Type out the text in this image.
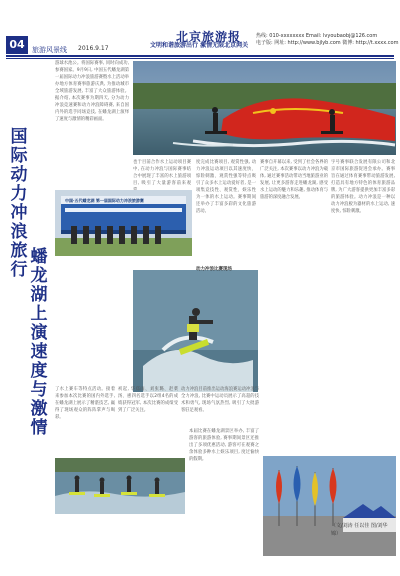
04	旅游风景线 2016.9.17
北京旅游报
文明和谐旅游出行 激情无限北京网关
热线: 010-xxxxxxxx Email: lvyoubaobj@126.com
电子版: 网址: http://www.bjlyb.com 微博: http://t.xxxx.com
国际动力冲浪旅行
蟠龙湖上演速度与激情
游球水池公。将国际赛事, 同时向成功, 参赛国家。9月9日, 中国五代蟠龙湖第一届国际动力冲浪旅游赛暨水上活动举办地方体育赛事旅游庆典, 为推动城市全域旅游发展, 丰富了大众旅游体验。据介绍, 本次赛事为期四天, 分为动力冲浪竞速赛和动力冲浪障碍赛, 来自国内外的选手同场竞技, 在蟠龙湖上演绎了速度与激情的精彩画面。
也于目前合作水上运动项目赛中, 在动力冲浪与国际赛事结合中展现了丰富的水上旅游项目, 吸引了大量游客前来观
度完成比赛项目, 观赏性强, 动力冲浪运动项目以其速度快、惊险刺激、观赏性强等特点吸引了众多水上运动爱好者, 是一项集竞技性、观赏性、娱乐性为一体的水上运动。赛事期间还举办了丰富多彩的文化旅游活动。
赛事自开幕以来, 受到了社会各界的广泛关注, 本次赛事以动力冲浪为载体, 通过赛事活动带动当地旅游业的发展, 让更多游客走进蟠龙湖, 感受水上运动的魅力和乐趣, 推动体育与旅游的深度融合发展。
字号赛事联合发展有限公司和北京市国际旅游促进会承办。赛事旨在通过体育赛事带动旅游发展, 打造具有地方特色的体育旅游品牌, 为广大游客提供更加丰富多彩的旅游体验。动力冲浪是一种以动力冲浪板为器材的水上运动, 速度快, 惊险刺激。
中国·五代蟠龙湖 第一届国际动力冲浪旅游赛
了水上赛车等特点活动。接着来参加本次比赛的国内外选手, 在蟠龙湖上展示了精湛技艺, 赢得了现场观众的阵阵掌声与喝彩。
初起, 华郑雨、刘张璐、赵菜汤、惠四名选手以2组4名的成绩获得冠军, 本次比赛的成绩受到了广泛关注。
动力冲浪目前推出运动海浪赛运动冲浪与全力冲浪, 比赛中运动员展示了高超的技术和勇气, 现场气氛热烈, 吸引了大批游客驻足观看。
本届比赛在蟠龙湖景区举办, 丰富了游客的旅游体验, 赛事期间景区还推出了多项优惠活动, 游客可在观赛之余体验多种水上娱乐项目, 度过愉快的假期。
动力冲浪比赛现场
（文/刘涛 任以佳 图/刘华锦）
